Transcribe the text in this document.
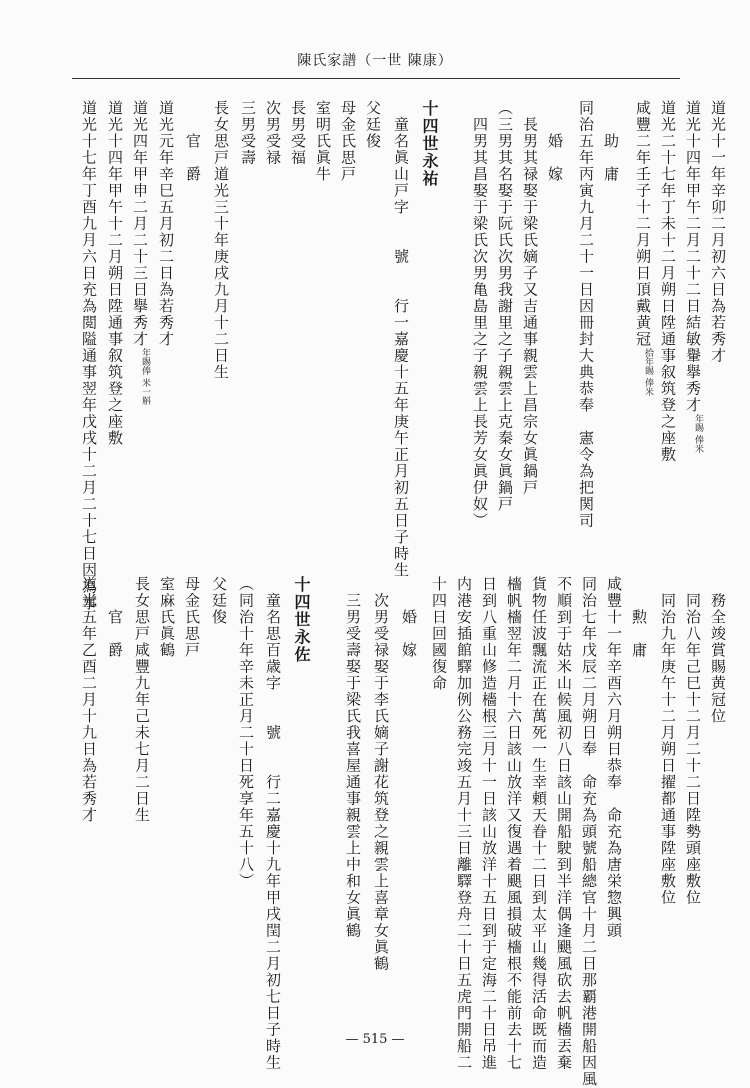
陳氏家譜（一世 陳康）
道光十一年辛卯二月初六日為若秀才
道光十四年甲午二月二十二日結敏轝擧秀才年賜 俸米
道光二十七年丁未十二月朔日陞通事叙筑登之座敷
咸豐二年壬子十二月朔日頂戴黄冠拾年賜 俸米
　　助　庸
同治五年丙寅九月二十一日因冊封大典恭奉　憲令為把関司
　　婚　嫁
　長男其禄娶于梁氏嫡子又吉通事親雲上昌宗女眞鍋戸
（三男其名娶于阮氏次男我謝里之子親雲上克秦女眞鍋戸
　四男其昌娶于梁氏次男亀島里之子親雲上長芳女眞伊奴）
十四世永祐
　童名眞山戸字　　號　　行一嘉慶十五年庚午正月初五日子時生
父廷俊
母金氏思戸
室明氏眞牛
長男受福
次男受禄
三男受壽
長女思戸道光三十年庚戌九月十二日生
　　官　爵
道光元年辛巳五月初二日為若秀才
道光四年甲申二月二十三日擧秀才年賜俸 米一斛
道光十四年甲午十二月朔日陞通事叙筑登之座敷
道光十七年丁酉九月六日充為閲隘通事翌年戊戌十二月二十七日因為事
　務全竣賞賜黄冠位
　同治八年己巳十二月二十二日陞勢頭座敷位
　同治九年庚午十二月朔日擢都通事陞座敷位
　　勲　庸
咸豐十一年辛酉六月朔日恭奉　命充為唐栄惣興頭
同治七年戊辰二月朔日奉　命充為頭號船總官十月二日那覇港開船因風
不順到于姑米山候風初八日該山開船駛到半洋偶逢颶風砍去帆檣丟棄
貨物任波飄流正在萬死一生幸頼天眷十二日到太平山幾得活命既而造
檣帆檣翌年二月十六日該山放洋又復遇着颶風損破檣根不能前去十七
日到八重山修造檣根三月十一日該山放洋十五日到于定海二十日吊進
内港安插館驛加例公務完竣五月十三日離驛登舟二十日五虎門開船二
十四日回國復命
　　婚　嫁
　次男受禄娶于李氏嫡子謝花筑登之親雲上喜章女眞鶴
　三男受壽娶于梁氏我喜屋通事親雲上中和女眞鶴
十四世永佐
　童名思百歳字　　號　　行二嘉慶十九年甲戌閏二月初七日子時生
（同治十年辛未正月二十日死享年五十八）
父廷俊
母金氏思戸
室麻氏眞鶴
長女思戸咸豐九年己未七月二日生
　　官　爵
道光五年乙酉二月十九日為若秀才
— 515 —
